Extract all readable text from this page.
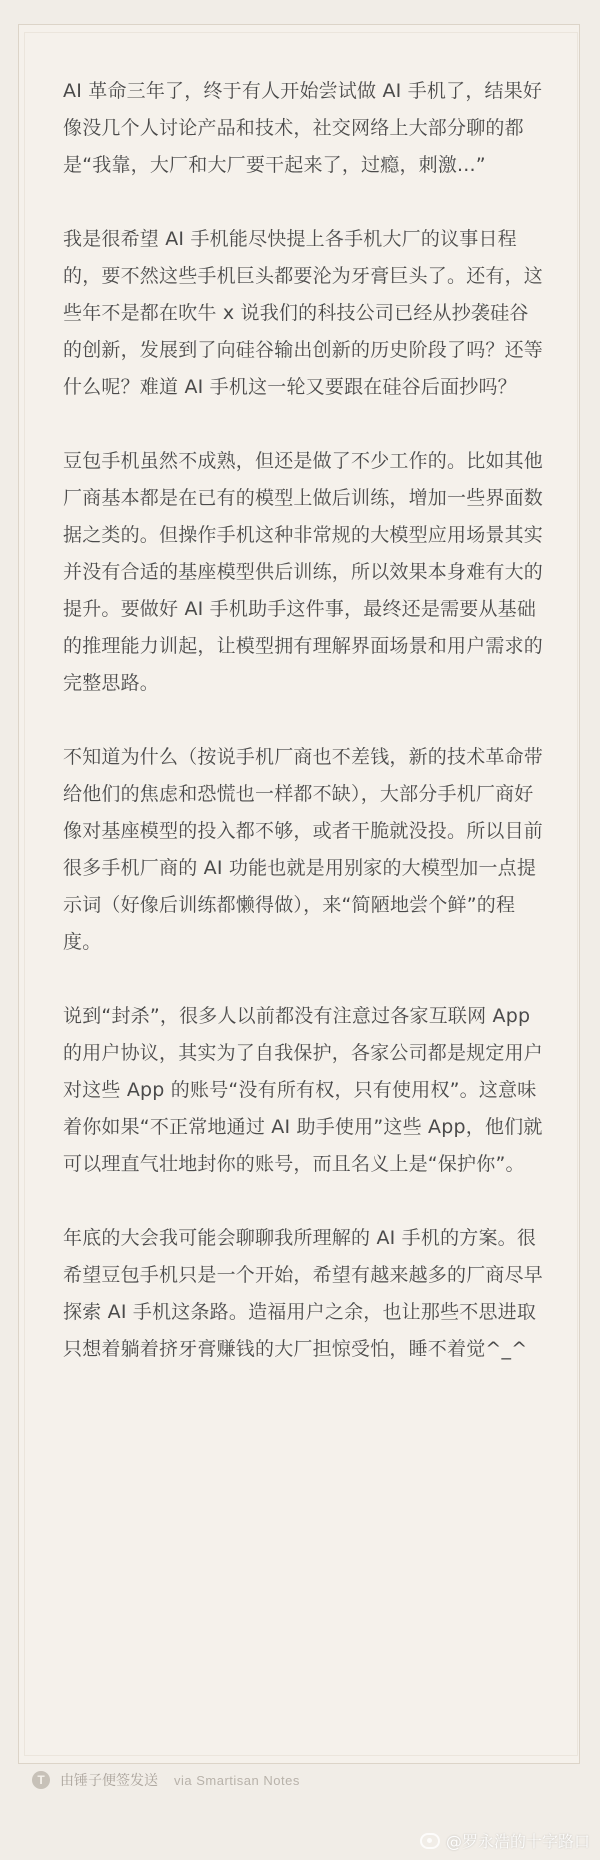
AI 革命三年了，终于有人开始尝试做 AI 手机了，结果好像没几个人讨论产品和技术，社交网络上大部分聊的都是“我靠，大厂和大厂要干起来了，过瘾，刺激...”

我是很希望 AI 手机能尽快提上各手机大厂的议事日程的，要不然这些手机巨头都要沦为牙膏巨头了。还有，这些年不是都在吹牛 x 说我们的科技公司已经从抄袭硅谷的创新，发展到了向硅谷输出创新的历史阶段了吗？还等什么呢？难道 AI 手机这一轮又要跟在硅谷后面抄吗？

豆包手机虽然不成熟，但还是做了不少工作的。比如其他厂商基本都是在已有的模型上做后训练，增加一些界面数据之类的。但操作手机这种非常规的大模型应用场景其实并没有合适的基座模型供后训练，所以效果本身难有大的提升。要做好 AI 手机助手这件事，最终还是需要从基础的推理能力训起，让模型拥有理解界面场景和用户需求的完整思路。

不知道为什么（按说手机厂商也不差钱，新的技术革命带给他们的焦虑和恐慌也一样都不缺），大部分手机厂商好像对基座模型的投入都不够，或者干脆就没投。所以目前很多手机厂商的 AI 功能也就是用别家的大模型加一点提示词（好像后训练都懒得做），来“简陋地尝个鲜”的程度。

说到“封杀”，很多人以前都没有注意过各家互联网 App 的用户协议，其实为了自我保护，各家公司都是规定用户对这些 App 的账号“没有所有权，只有使用权”。这意味着你如果“不正常地通过 AI 助手使用”这些 App，他们就可以理直气壮地封你的账号，而且名义上是“保护你”。

年底的大会我可能会聊聊我所理解的 AI 手机的方案。很希望豆包手机只是一个开始，希望有越来越多的厂商尽早探索 AI 手机这条路。造福用户之余，也让那些不思进取只想着躺着挤牙膏赚钱的大厂担惊受怕，睡不着觉^_^

T	由锤子便签发送 via Smartisan Notes
@罗永浩的十字路口
